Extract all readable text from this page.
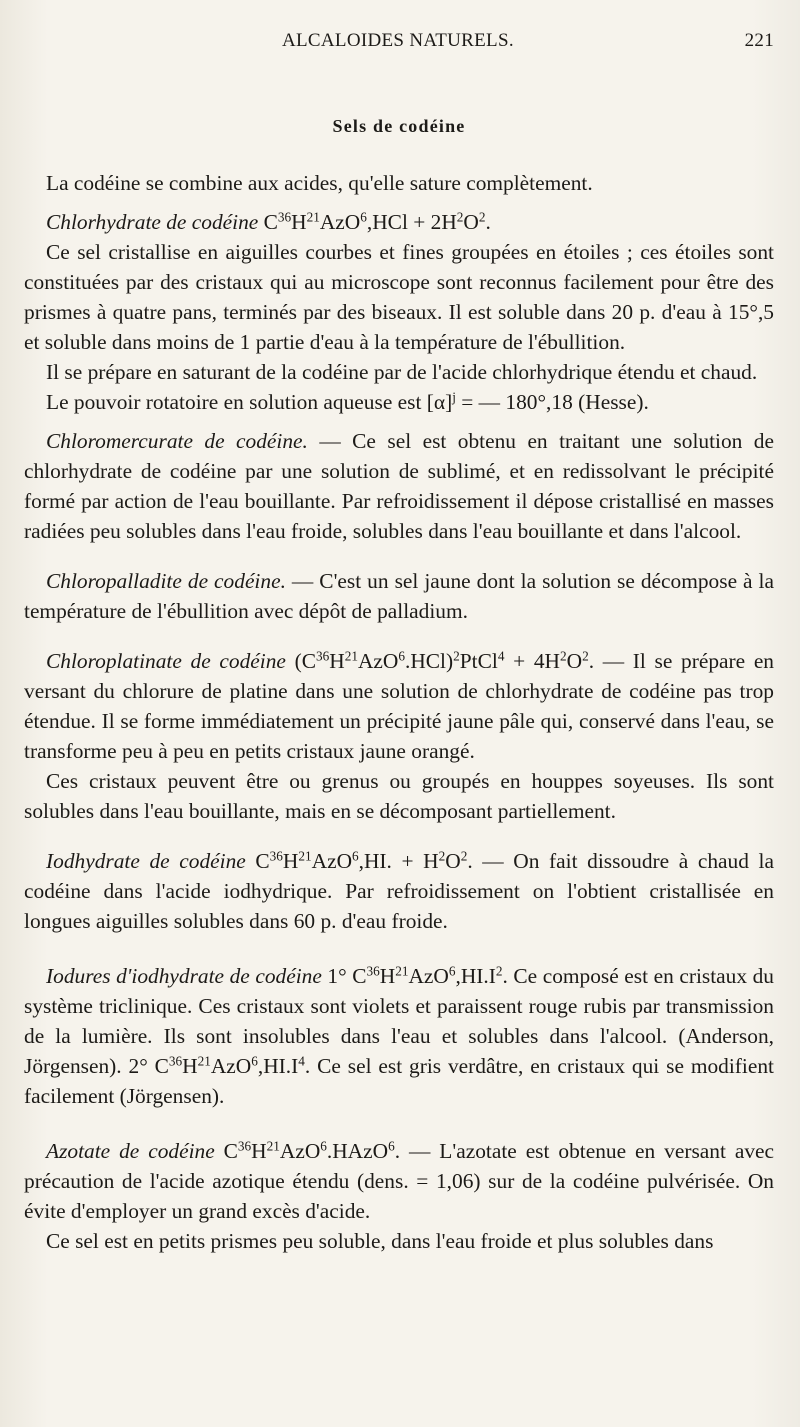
ALCALOIDES NATURELS.	221
Sels de codéine

La codéine se combine aux acides, qu'elle sature complètement.

Chlorhydrate de codéine $C^{36}H^{21}AzO^6,HCl + 2H^2O^2$.

Ce sel cristallise en aiguilles courbes et fines groupées en étoiles ; ces étoiles sont constituées par des cristaux qui au microscope sont reconnus facilement pour être des prismes à quatre pans, terminés par des biseaux. Il est soluble dans 20 p. d'eau à 15°,5 et soluble dans moins de 1 partie d'eau à la température de l'ébullition.

Il se prépare en saturant de la codéine par de l'acide chlorhydrique étendu et chaud.

Le pouvoir rotatoire en solution aqueuse est $[\alpha]^j$ = — 180°,18 (Hesse).

Chloromercurate de codéine. — Ce sel est obtenu en traitant une solution de chlorhydrate de codéine par une solution de sublimé, et en redissolvant le précipité formé par action de l'eau bouillante. Par refroidissement il dépose cristallisé en masses radiées peu solubles dans l'eau froide, solubles dans l'eau bouillante et dans l'alcool.

Chloropalladite de codéine. — C'est un sel jaune dont la solution se décompose à la température de l'ébullition avec dépôt de palladium.

Chloroplatinate de codéine $(C^{36}H^{21}AzO^6.HCl)^2PtCl^4 + 4H^2O^2$. — Il se prépare en versant du chlorure de platine dans une solution de chlorhydrate de codéine pas trop étendue. Il se forme immédiatement un précipité jaune pâle qui, conservé dans l'eau, se transforme peu à peu en petits cristaux jaune orangé.

Ces cristaux peuvent être ou grenus ou groupés en houppes soyeuses. Ils sont solubles dans l'eau bouillante, mais en se décomposant partiellement.

Iodhydrate de codéine $C^{36}H^{21}AzO^6,HI$. + $H^2O^2$. — On fait dissoudre à chaud la codéine dans l'acide iodhydrique. Par refroidissement on l'obtient cristallisée en longues aiguilles solubles dans 60 p. d'eau froide.

Iodures d'iodhydrate de codéine 1° $C^{36}H^{21}AzO^6,HI.I^2$. Ce composé est en cristaux du système triclinique. Ces cristaux sont violets et paraissent rouge rubis par transmission de la lumière. Ils sont insolubles dans l'eau et solubles dans l'alcool. (Anderson, Jörgensen). 2° $C^{36}H^{21}AzO^6,HI.I^4$. Ce sel est gris verdâtre, en cristaux qui se modifient facilement (Jörgensen).

Azotate de codéine $C^{36}H^{21}AzO^6.HAzO^6$. — L'azotate est obtenue en versant avec précaution de l'acide azotique étendu (dens. = 1,06) sur de la codéine pulvérisée. On évite d'employer un grand excès d'acide.

Ce sel est en petits prismes peu soluble, dans l'eau froide et plus solubles dans
